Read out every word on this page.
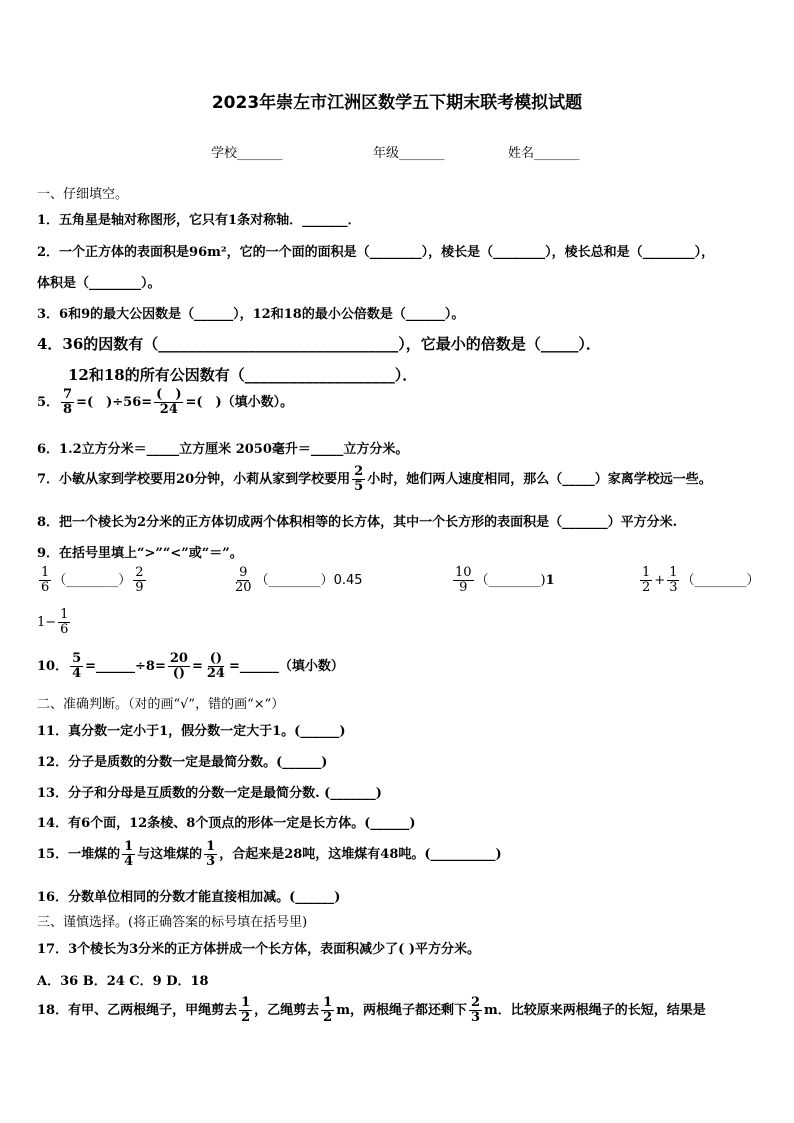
2023年崇左市江洲区数学五下期末联考模拟试题
学校_______	年级_______	姓名_______
一、仔细填空。
1．五角星是轴对称图形，它只有1条对称轴．_______．
2．一个正方体的表面积是96m²，它的一个面的面积是（________），棱长是（________），棱长总和是（________），
体积是（________）。
3．6和9的最大公因数是（______），12和18的最小公倍数是（______）。
4．36的因数有（________________________________），它最小的倍数是（_____）．
12和18的所有公因数有（____________________）．
5． $\frac{7}{8}$ =(　)$\div 56= \frac{( )}{24}$ =(　)（填小数）。
6．1.2立方分米＝_____立方厘米 2050毫升＝_____立方分米。
7．小敏从家到学校要用20分钟，小莉从家到学校要用 $\frac{2}{5}$ 小时，她们两人速度相同，那么（_____）家离学校远一些。
8．把一个棱长为2分米的正方体切成两个体积相等的长方体，其中一个长方形的表面积是（_______）平方分米.
9．在括号里填上“>”“<”或“＝”。
$\frac{1}{6}$ （________） $\frac{2}{9}$	$\frac{9}{20}$ （________）0.45	$\frac{10}{9}$ （________)1	$\frac{1}{2} + \frac{1}{3}$ （________）
$1- \frac{1}{6}$
10． $\frac{5}{4}$ =______÷8= $\frac{20}{()} = \frac{()}{24}$ =______（填小数）
二、准确判断。（对的画“√”，错的画“×”）
11．真分数一定小于1，假分数一定大于1。(______)
12．分子是质数的分数一定是最简分数。(______)
13．分子和分母是互质数的分数一定是最简分数. (_______)
14．有6个面，12条棱、8个顶点的形体一定是长方体。(______)
15．一堆煤的 $\frac{1}{4}$ 与这堆煤的 $\frac{1}{3}$ ，合起来是28吨，这堆煤有48吨。(__________)
16．分数单位相同的分数才能直接相加减。(______)
三、谨慎选择。(将正确答案的标号填在括号里)
17．3个棱长为3分米的正方体拼成一个长方体，表面积减少了( )平方分米。
A．36 B．24 C．9 D．18
18．有甲、乙两根绳子，甲绳剪去 $\frac{1}{2}$ ，乙绳剪去 $\frac{1}{2}$ m，两根绳子都还剩下 $\frac{2}{3}$ m．比较原来两根绳子的长短，结果是
